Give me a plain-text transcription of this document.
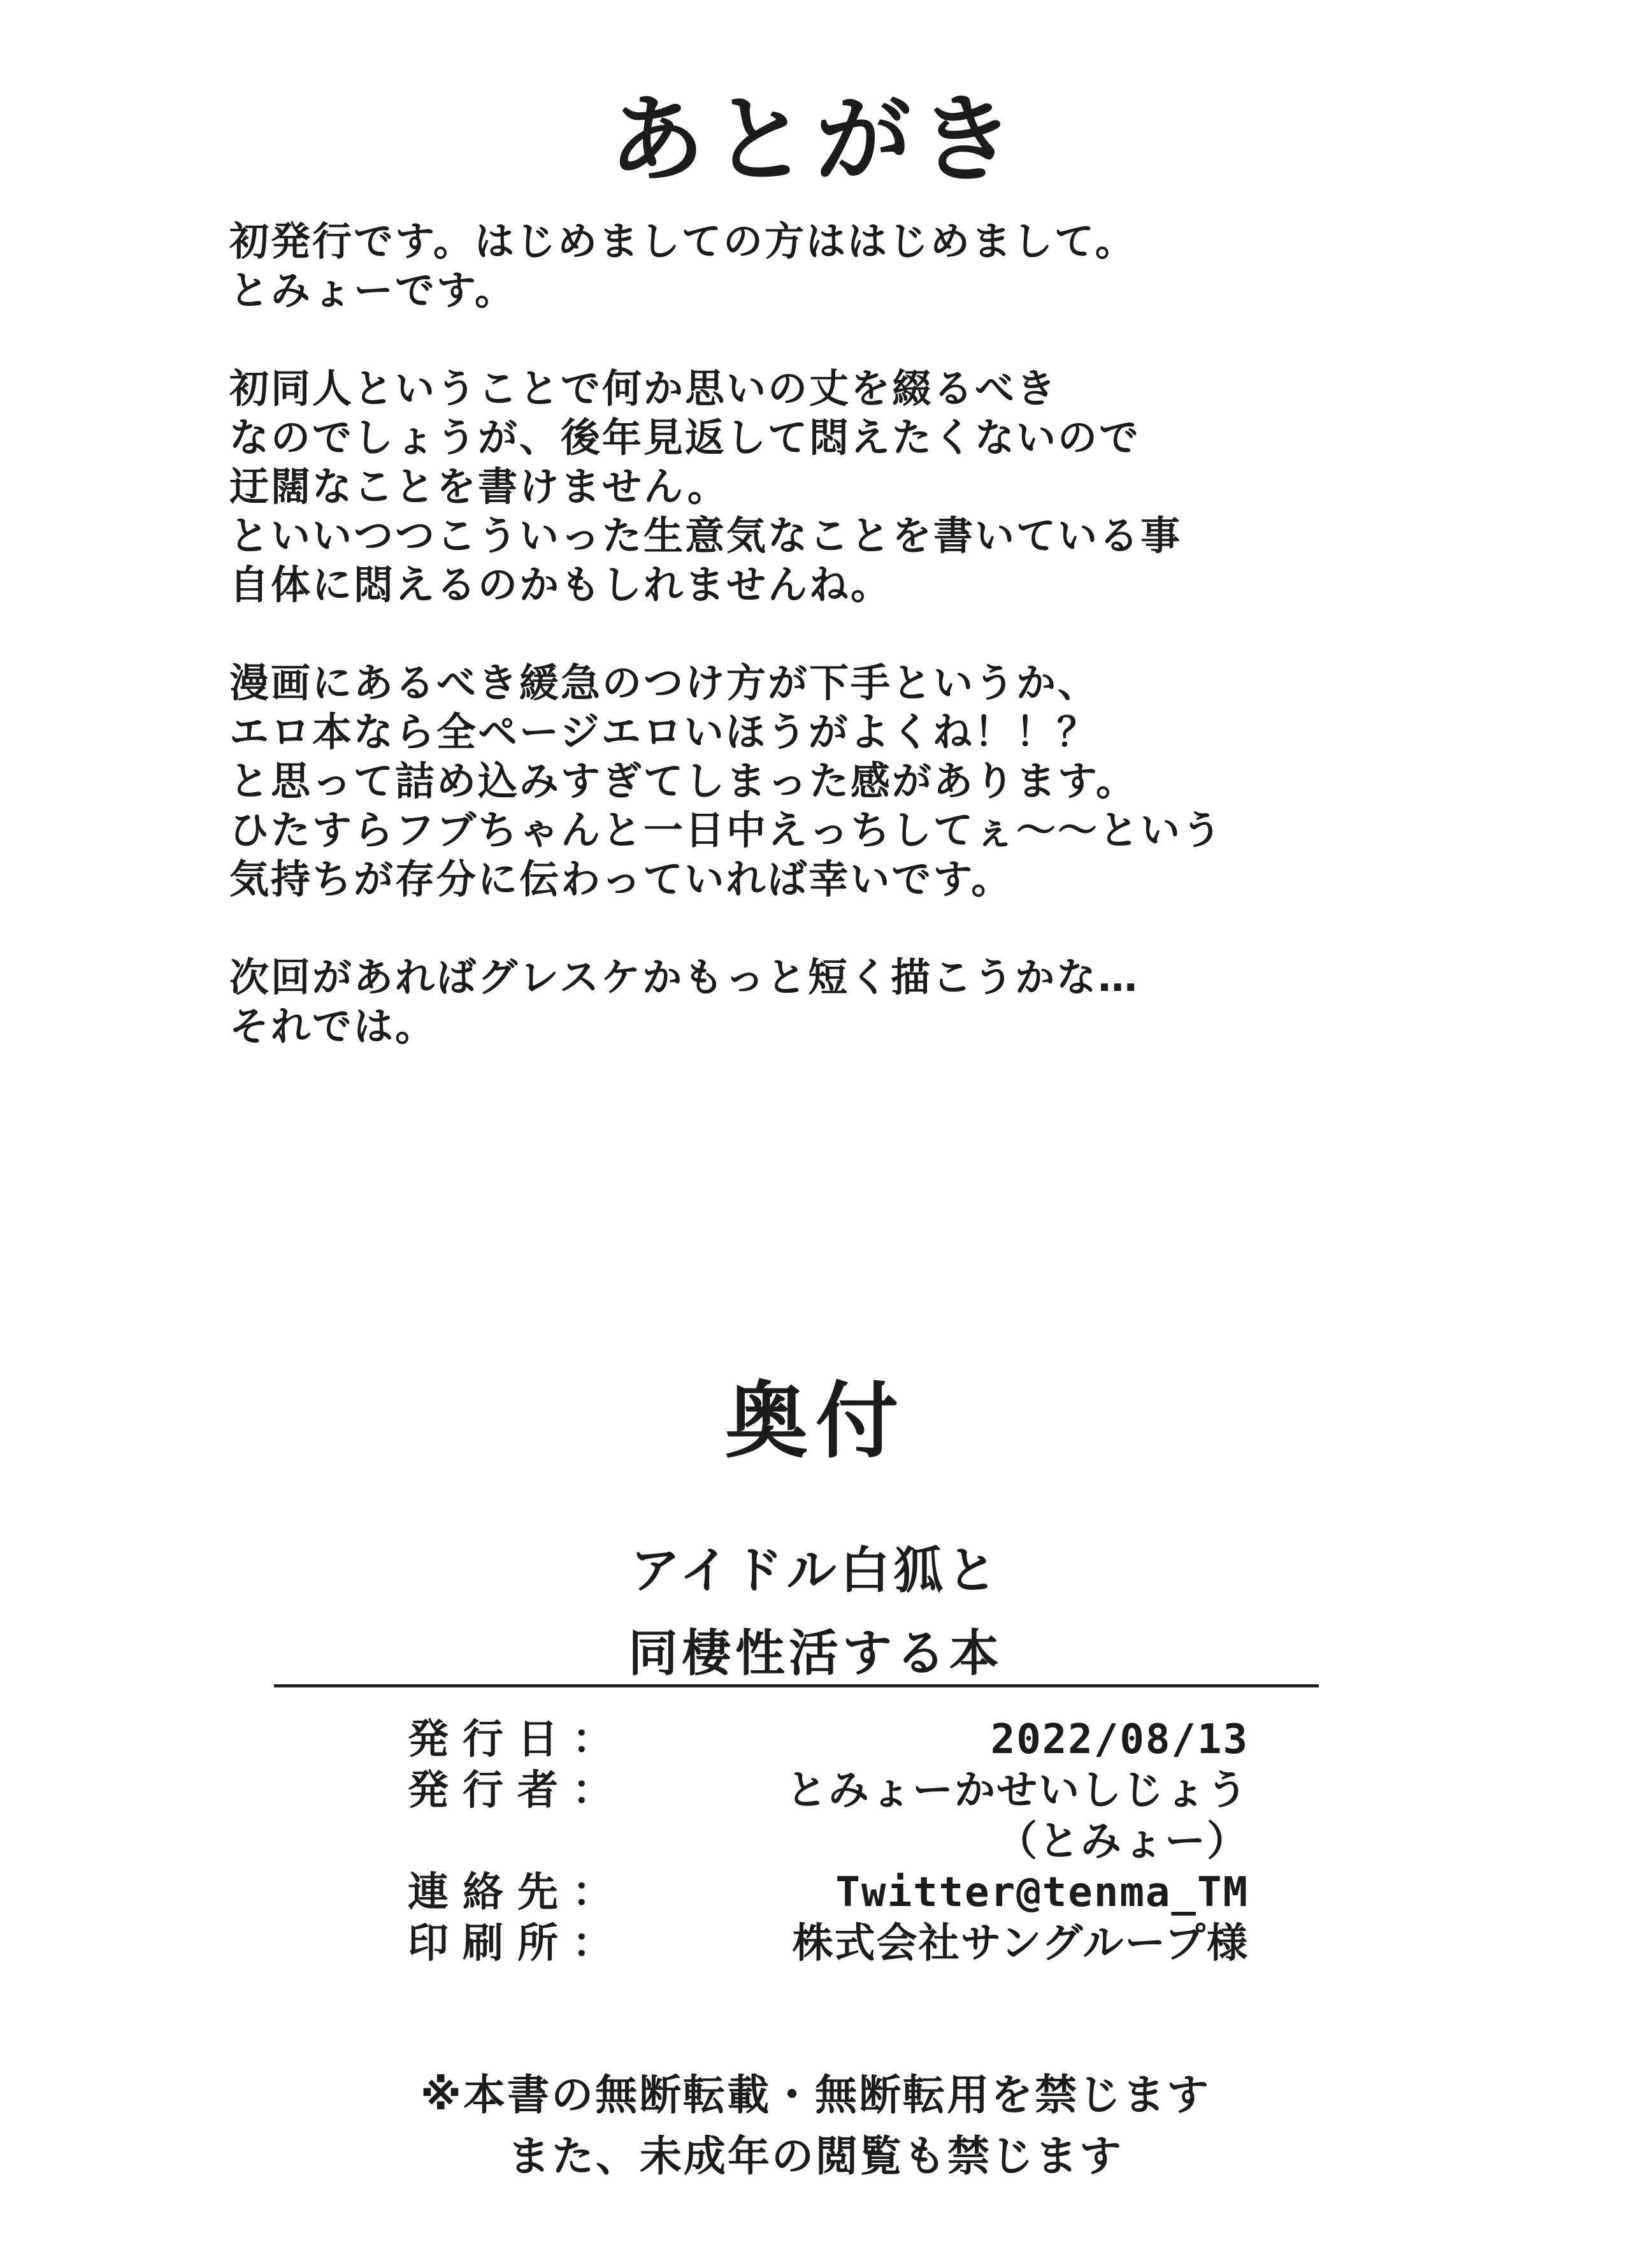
あとがき
初発行です。はじめましての方ははじめまして。
とみょーです。
初同人ということで何か思いの丈を綴るべき
なのでしょうが、後年見返して悶えたくないので
迂闊なことを書けません。
といいつつこういった生意気なことを書いている事
自体に悶えるのかもしれませんね。
漫画にあるべき緩急のつけ方が下手というか、
エロ本なら全ページエロいほうがよくね！！？
と思って詰め込みすぎてしまった感があります。
ひたすらフブちゃんと一日中えっちしてぇ～～という
気持ちが存分に伝わっていれば幸いです。
次回があればグレスケかもっと短く描こうかな…
それでは。
奥付
アイドル白狐と
同棲性活する本
発行日：	2022/08/13
発行者：	とみょーかせいしじょう
（とみょー）
連絡先：	Twitter@tenma_TM
印刷所：	株式会社サングループ様
※本書の無断転載・無断転用を禁じます
また、未成年の閲覧も禁じます
